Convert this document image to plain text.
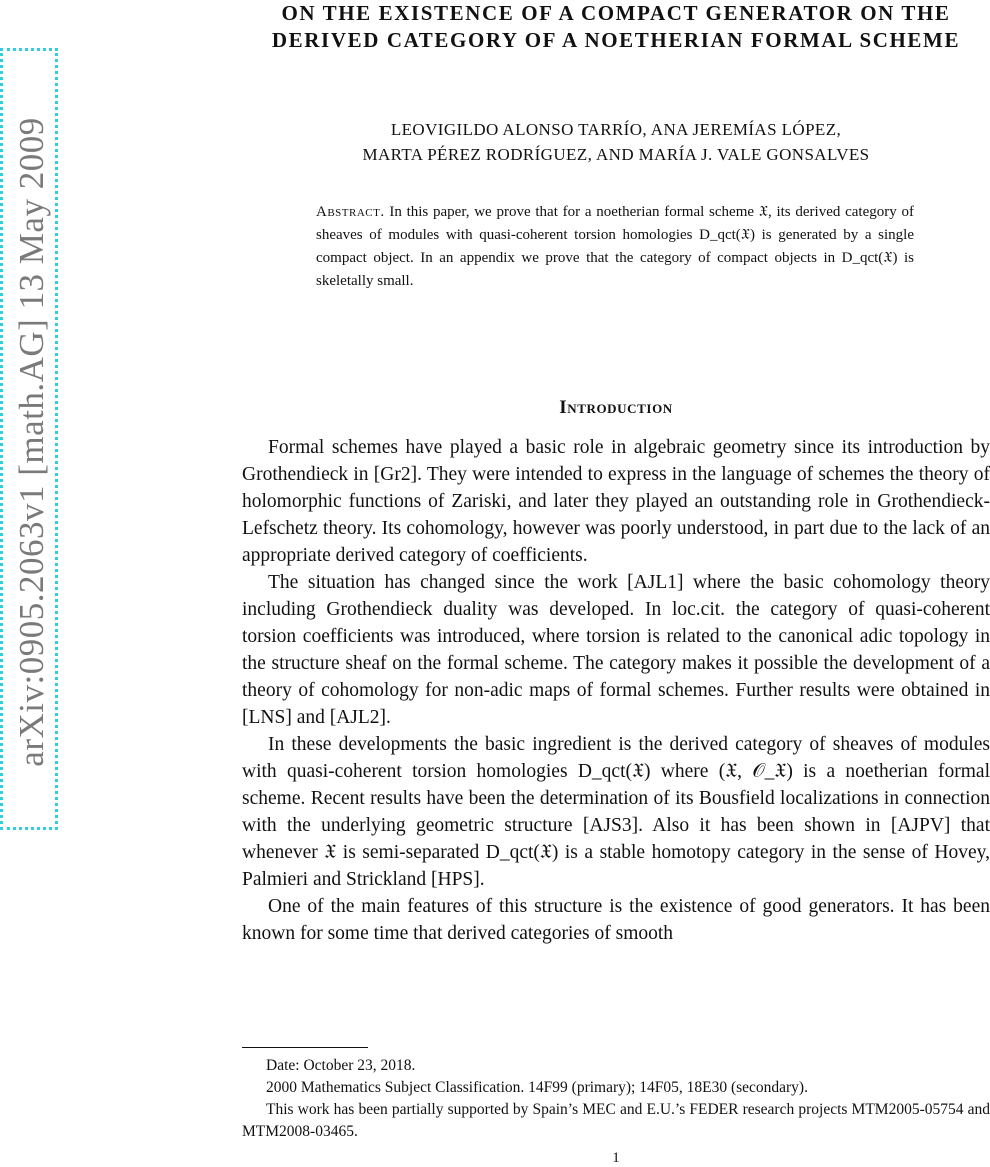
arXiv:0905.2063v1 [math.AG] 13 May 2009
ON THE EXISTENCE OF A COMPACT GENERATOR ON THE DERIVED CATEGORY OF A NOETHERIAN FORMAL SCHEME
LEOVIGILDO ALONSO TARRÍO, ANA JEREMÍAS LÓPEZ,
MARTA PÉREZ RODRÍGUEZ, AND MARÍA J. VALE GONSALVES

Abstract. In this paper, we prove that for a noetherian formal scheme 𝔛, its derived category of sheaves of modules with quasi-coherent torsion homologies D_qct(𝔛) is generated by a single compact object. In an appendix we prove that the category of compact objects in D_qct(𝔛) is skeletally small.

Introduction

Formal schemes have played a basic role in algebraic geometry since its introduction by Grothendieck in [Gr2]. They were intended to express in the language of schemes the theory of holomorphic functions of Zariski, and later they played an outstanding role in Grothendieck-Lefschetz theory. Its cohomology, however was poorly understood, in part due to the lack of an appropriate derived category of coefficients.

The situation has changed since the work [AJL1] where the basic cohomology theory including Grothendieck duality was developed. In loc.cit. the category of quasi-coherent torsion coefficients was introduced, where torsion is related to the canonical adic topology in the structure sheaf on the formal scheme. The category makes it possible the development of a theory of cohomology for non-adic maps of formal schemes. Further results were obtained in [LNS] and [AJL2].

In these developments the basic ingredient is the derived category of sheaves of modules with quasi-coherent torsion homologies D_qct(𝔛) where (𝔛, 𝒪_𝔛) is a noetherian formal scheme. Recent results have been the determination of its Bousfield localizations in connection with the underlying geometric structure [AJS3]. Also it has been shown in [AJPV] that whenever 𝔛 is semi-separated D_qct(𝔛) is a stable homotopy category in the sense of Hovey, Palmieri and Strickland [HPS].

One of the main features of this structure is the existence of good generators. It has been known for some time that derived categories of smooth

Date: October 23, 2018.

2000 Mathematics Subject Classification. 14F99 (primary); 14F05, 18E30 (secondary).

This work has been partially supported by Spain’s MEC and E.U.’s FEDER research projects MTM2005-05754 and MTM2008-03465.

1
